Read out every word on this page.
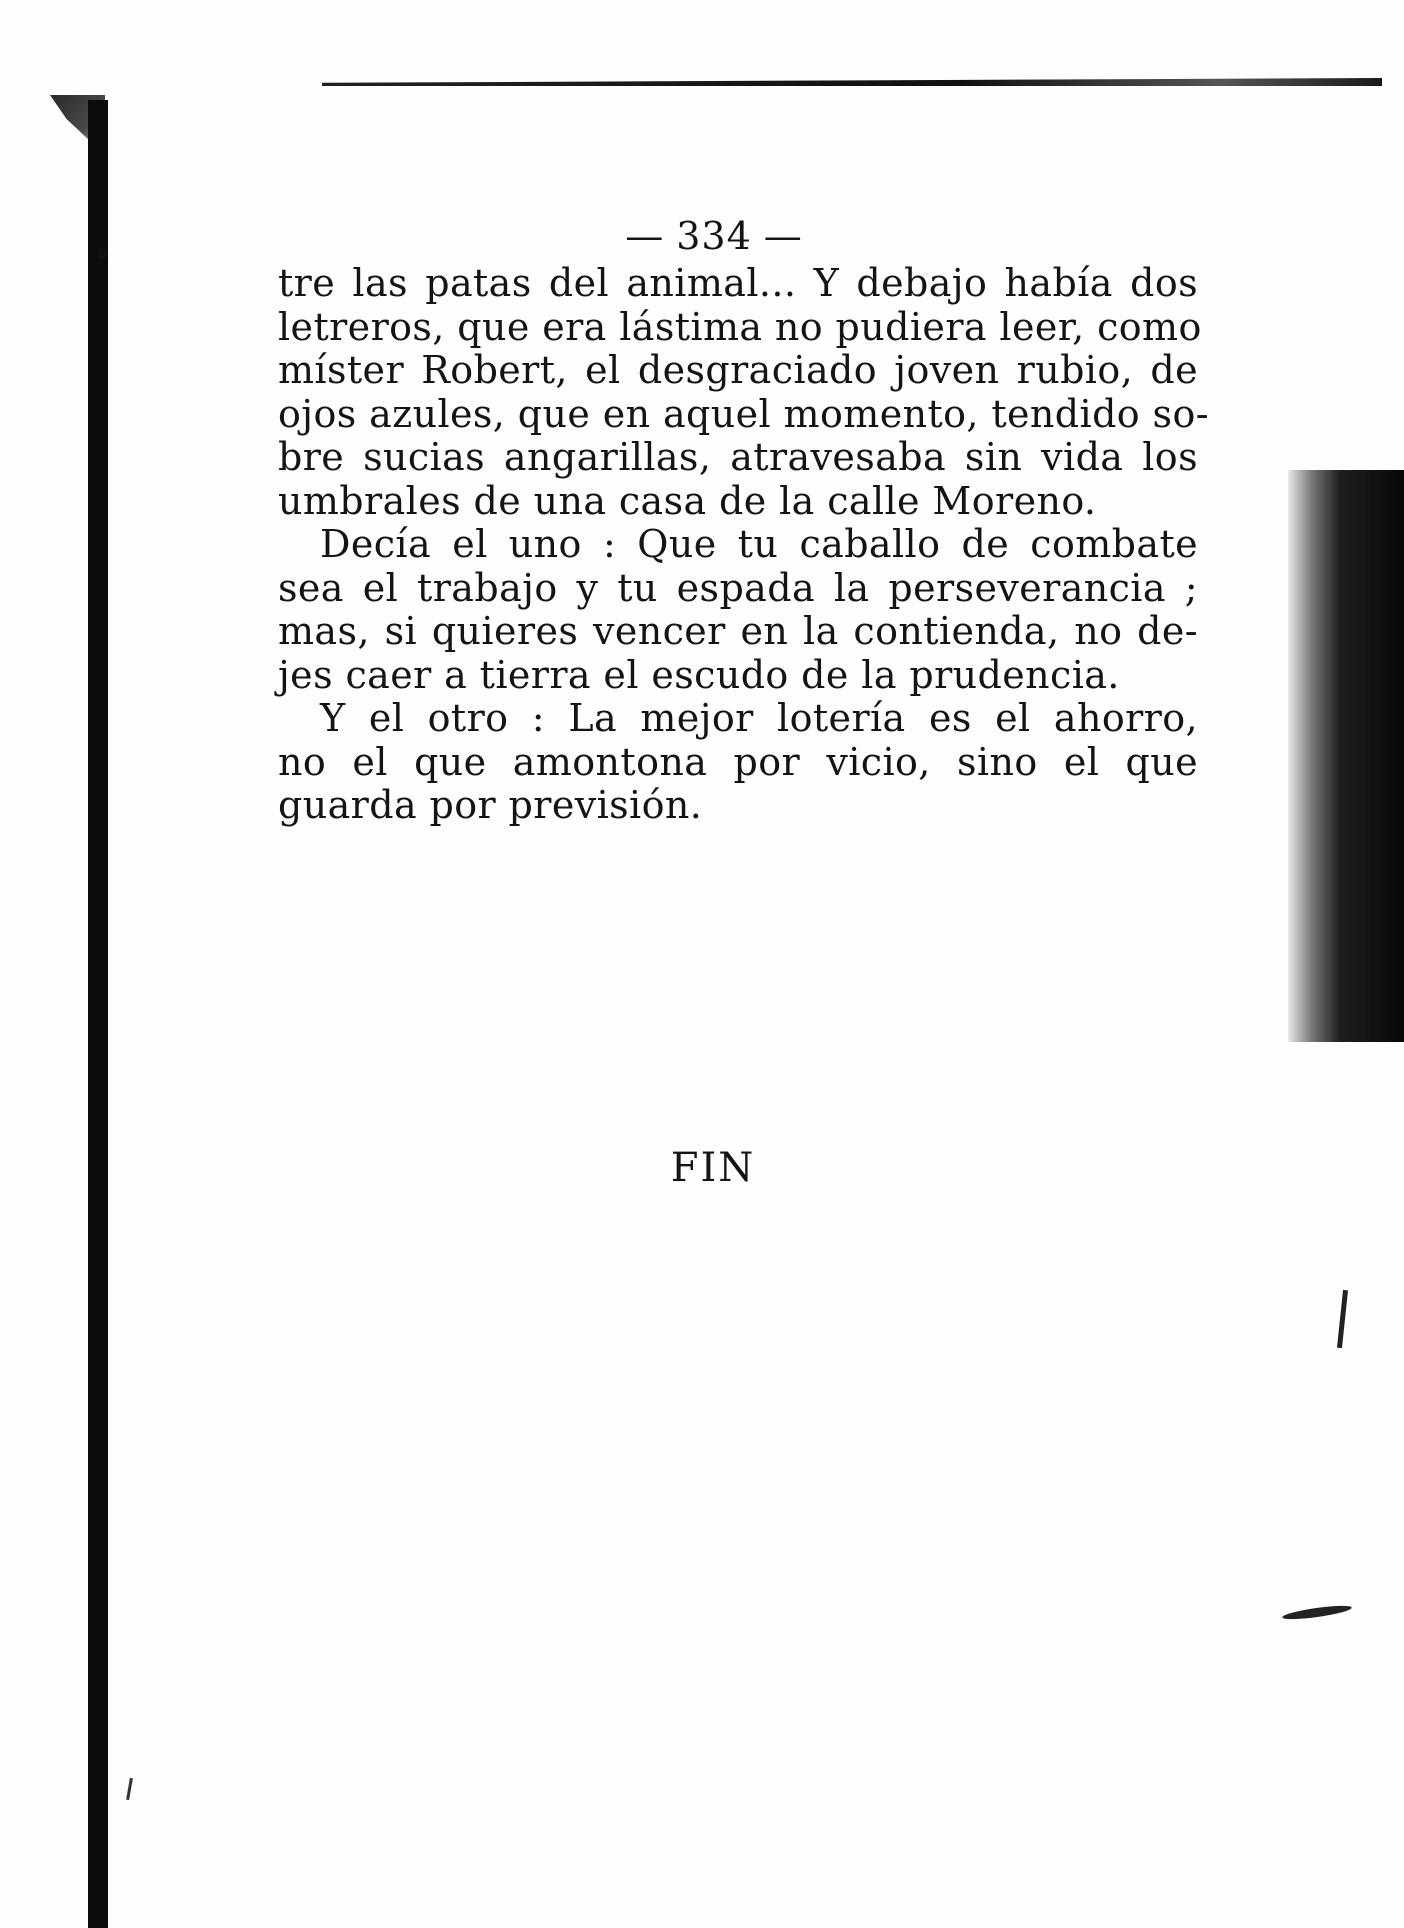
— 334 —
tre las patas del animal... Y debajo había dos
letreros, que era lástima no pudiera leer, como
míster Robert, el desgraciado joven rubio, de
ojos azules, que en aquel momento, tendido so-
bre sucias angarillas, atravesaba sin vida los
umbrales de una casa de la calle Moreno.
Decía el uno : Que tu caballo de combate
sea el trabajo y tu espada la perseverancia ;
mas, si quieres vencer en la contienda, no de-
jes caer a tierra el escudo de la prudencia.
Y el otro : La mejor lotería es el ahorro,
no el que amontona por vicio, sino el que
guarda por previsión.
FIN
